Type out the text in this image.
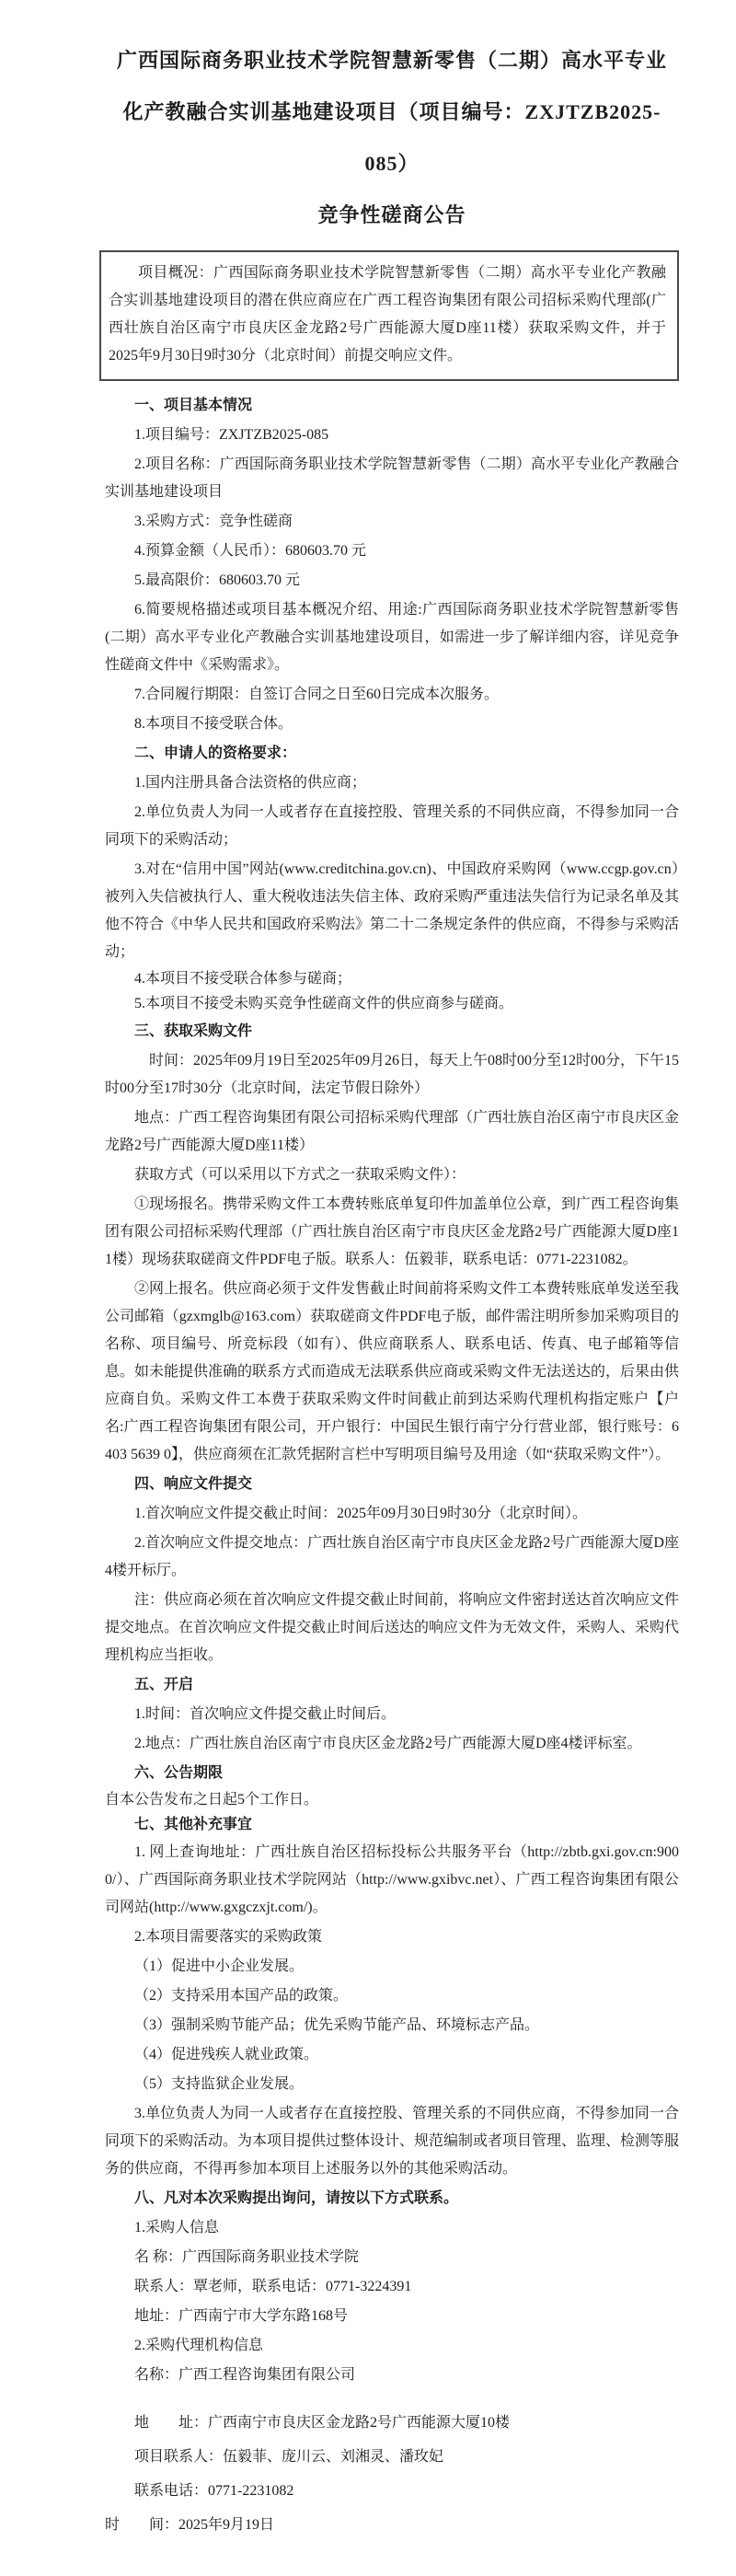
广西国际商务职业技术学院智慧新零售（二期）高水平专业
化产教融合实训基地建设项目（项目编号：ZXJTZB2025-085）
竞争性磋商公告

项目概况：广西国际商务职业技术学院智慧新零售（二期）高水平专业化产教融合实训基地建设项目的潜在供应商应在广西工程咨询集团有限公司招标采购代理部(广西壮族自治区南宁市良庆区金龙路2号广西能源大厦D座11楼）获取采购文件，并于2025年9月30日9时30分（北京时间）前提交响应文件。

一、项目基本情况

1.项目编号：ZXJTZB2025-085

2.项目名称：广西国际商务职业技术学院智慧新零售（二期）高水平专业化产教融合实训基地建设项目

3.采购方式：竞争性磋商

4.预算金额（人民币）：680603.70 元

5.最高限价：680603.70 元

6.简要规格描述或项目基本概况介绍、用途:广西国际商务职业技术学院智慧新零售(二期）高水平专业化产教融合实训基地建设项目，如需进一步了解详细内容，详见竞争性磋商文件中《采购需求》。

7.合同履行期限：自签订合同之日至60日完成本次服务。

8.本项目不接受联合体。

二、申请人的资格要求：

1.国内注册具备合法资格的供应商；

2.单位负责人为同一人或者存在直接控股、管理关系的不同供应商，不得参加同一合同项下的采购活动；

3.对在“信用中国”网站(www.creditchina.gov.cn)、中国政府采购网（www.ccgp.gov.cn）被列入失信被执行人、重大税收违法失信主体、政府采购严重违法失信行为记录名单及其他不符合《中华人民共和国政府采购法》第二十二条规定条件的供应商，不得参与采购活动；

4.本项目不接受联合体参与磋商；

5.本项目不接受未购买竞争性磋商文件的供应商参与磋商。

三、获取采购文件

　时间：2025年09月19日至2025年09月26日，每天上午08时00分至12时00分，下午15时00分至17时30分（北京时间，法定节假日除外）

地点：广西工程咨询集团有限公司招标采购代理部（广西壮族自治区南宁市良庆区金龙路2号广西能源大厦D座11楼）

获取方式（可以采用以下方式之一获取采购文件）：

①现场报名。携带采购文件工本费转账底单复印件加盖单位公章，到广西工程咨询集团有限公司招标采购代理部（广西壮族自治区南宁市良庆区金龙路2号广西能源大厦D座11楼）现场获取磋商文件PDF电子版。联系人：伍毅菲，联系电话：0771-2231082。

②网上报名。供应商必须于文件发售截止时间前将采购文件工本费转账底单发送至我公司邮箱（gzxmglb@163.com）获取磋商文件PDF电子版，邮件需注明所参加采购项目的名称、项目编号、所竞标段（如有）、供应商联系人、联系电话、传真、电子邮箱等信息。如未能提供准确的联系方式而造成无法联系供应商或采购文件无法送达的，后果由供应商自负。采购文件工本费于获取采购文件时间截止前到达采购代理机构指定账户【户名:广西工程咨询集团有限公司，开户银行：中国民生银行南宁分行营业部，银行账号：6403 5639 0】，供应商须在汇款凭据附言栏中写明项目编号及用途（如“获取采购文件”）。

四、响应文件提交

1.首次响应文件提交截止时间：2025年09月30日9时30分（北京时间）。

2.首次响应文件提交地点：广西壮族自治区南宁市良庆区金龙路2号广西能源大厦D座4楼开标厅。

注：供应商必须在首次响应文件提交截止时间前，将响应文件密封送达首次响应文件提交地点。在首次响应文件提交截止时间后送达的响应文件为无效文件，采购人、采购代理机构应当拒收。

五、开启

1.时间：首次响应文件提交截止时间后。

2.地点：广西壮族自治区南宁市良庆区金龙路2号广西能源大厦D座4楼评标室。

六、公告期限

自本公告发布之日起5个工作日。

七、其他补充事宜

1. 网上查询地址：广西壮族自治区招标投标公共服务平台（http://zbtb.gxi.gov.cn:9000/）、广西国际商务职业技术学院网站（http://www.gxibvc.net）、广西工程咨询集团有限公司网站(http://www.gxgczxjt.com/)。

2.本项目需要落实的采购政策

（1）促进中小企业发展。

（2）支持采用本国产品的政策。

（3）强制采购节能产品；优先采购节能产品、环境标志产品。

（4）促进残疾人就业政策。

（5）支持监狱企业发展。

3.单位负责人为同一人或者存在直接控股、管理关系的不同供应商，不得参加同一合同项下的采购活动。为本项目提供过整体设计、规范编制或者项目管理、监理、检测等服务的供应商，不得再参加本项目上述服务以外的其他采购活动。

八、凡对本次采购提出询问，请按以下方式联系。

1.采购人信息

名 称：广西国际商务职业技术学院

联系人：覃老师，联系电话：0771-3224391

地址：广西南宁市大学东路168号

2.采购代理机构信息

名称：广西工程咨询集团有限公司

地　　址：广西南宁市良庆区金龙路2号广西能源大厦10楼

项目联系人：伍毅菲、庞川云、刘湘灵、潘玫妃

联系电话：0771-2231082

时　　间：2025年9月19日
